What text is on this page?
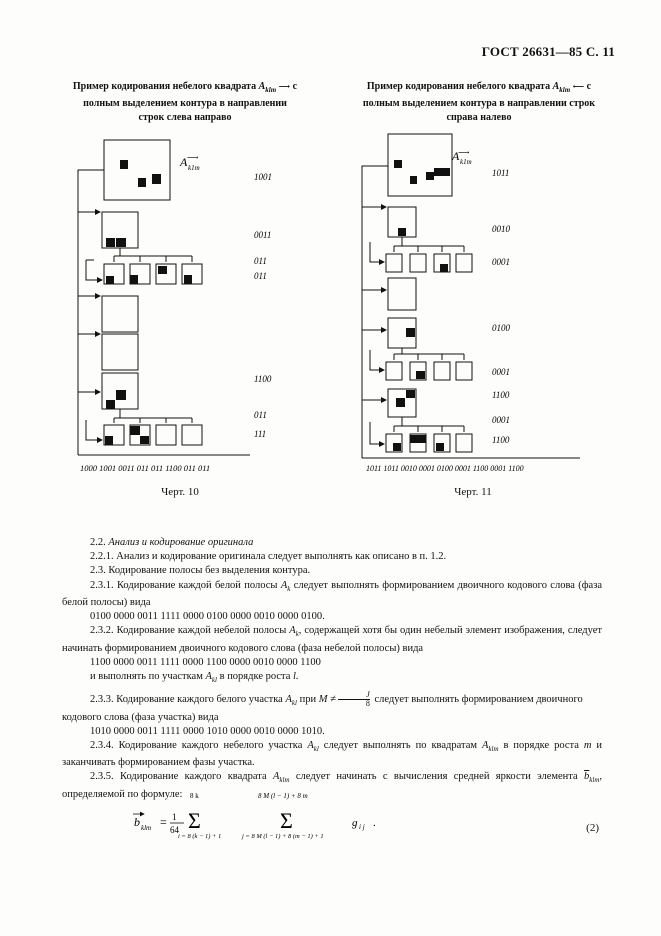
ГОСТ 26631—85 С. 11
Пример кодирования небелого квадрата $A_{klm}$ ⟶ с
полным выделением контура в направлении
строк слева направо
Пример кодирования небелого квадрата $A_{klm}$ ⟵ с
полным выделением контура в направлении строк
справа налево
A k1m
⟶
1001
0011
011
011
1100
011
111
1000 1001 0011 011 011 1100 011 011
A k1m
⟶
1011
0010
0001
0100
0001
1100
0001
1100
1011 1011 0010 0001 0100 0001 1100 0001 1100
Черт. 10	Черт. 11

2.2. Анализ и кодирование оригинала

2.2.1. Анализ и кодирование оригинала следует выполнять как описано в п. 1.2.

2.3. Кодирование полосы без выделения контура.

2.3.1. Кодирование каждой белой полосы $A_k$ следует выполнять формированием двоичного кодового слова (фаза белой полосы) вида

0100 0000 0011 1111 0000 0100 0000 0010 0000 0100.

2.3.2. Кодирование каждой небелой полосы $A_k$, содержащей хотя бы один небелый элемент изображения, следует начинать формированием двоичного кодового слова (фаза небелой полосы) вида

1100 0000 0011 1111 0000 1100 0000 0010 0000 1100

и выполнять по участкам $A_{kl}$ в порядке роста l.

2.3.3. Кодирование каждого белого участка $A_{kl}$ при $M \ne \frac{J}{8}$ следует выполнять формированием двоичного

кодового слова (фаза участка) вида

1010 0000 0011 1111 0000 1010 0000 0010 0000 1010.

2.3.4. Кодирование каждого небелого участка $A_{kl}$ следует выполнять по квадратам $A_{klm}$ в порядке роста m и заканчивать формированием фазы участка.

2.3.5. Кодирование каждого квадрата $A_{klm}$ следует начинать с вычисления средней яркости элемента $\overline{b}_{klm}$, определяемой по формуле:

b klm = 1
64
8 k
Σ
i = 8 (k − 1) + 1
8 M (l − 1) + 8 m
Σ
j = 8 M (l − 1) + 8 (m − 1) + 1
g i j .	(2)
